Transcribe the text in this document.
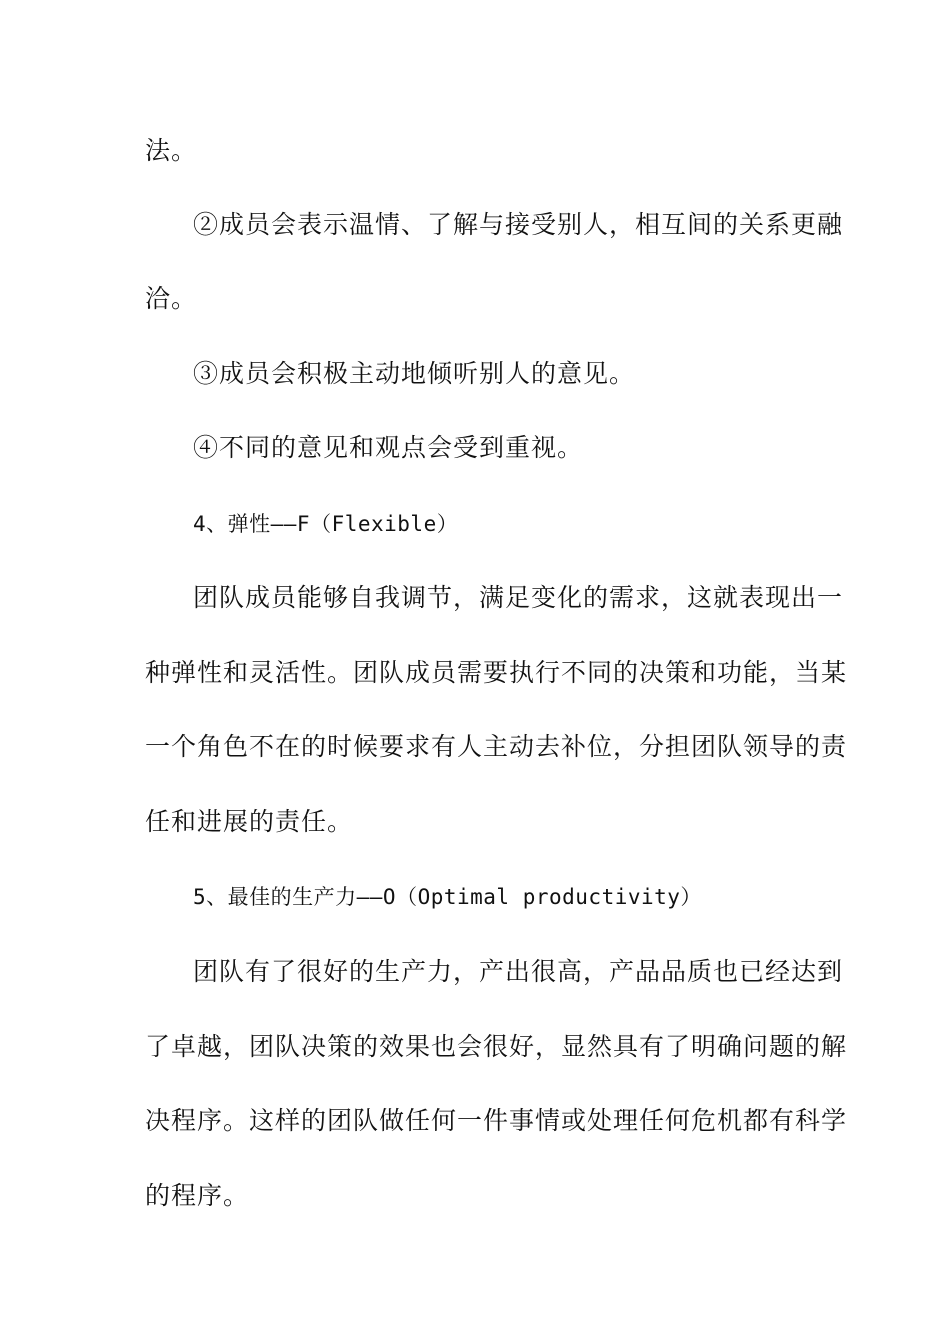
法。
②成员会表示温情、了解与接受别人，相互间的关系更融
洽。
③成员会积极主动地倾听别人的意见。
④不同的意见和观点会受到重视。
4、弹性——F（Flexible）
团队成员能够自我调节，满足变化的需求，这就表现出一
种弹性和灵活性。团队成员需要执行不同的决策和功能，当某
一个角色不在的时候要求有人主动去补位，分担团队领导的责
任和进展的责任。
5、最佳的生产力——O（Optimal productivity）
团队有了很好的生产力，产出很高，产品品质也已经达到
了卓越，团队决策的效果也会很好，显然具有了明确问题的解
决程序。这样的团队做任何一件事情或处理任何危机都有科学
的程序。
